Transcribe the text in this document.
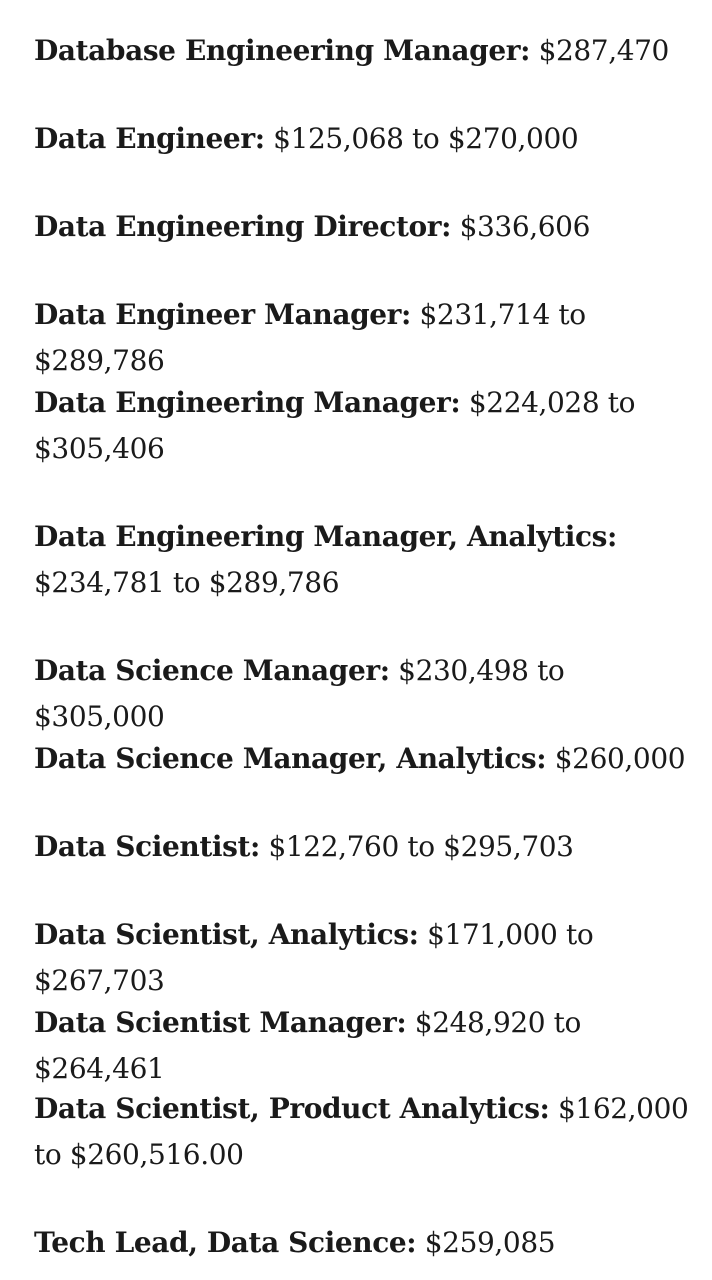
Database Engineering Manager: $287,470
Data Engineer: $125,068 to $270,000
Data Engineering Director: $336,606
Data Engineer Manager: $231,714 to $289,786
Data Engineering Manager: $224,028 to $305,406
Data Engineering Manager, Analytics:$234,781 to $289,786
Data Science Manager: $230,498 to $305,000
Data Science Manager, Analytics: $260,000
Data Scientist: $122,760 to $295,703
Data Scientist, Analytics: $171,000 to $267,703
Data Scientist Manager: $248,920 to $264,461
Data Scientist, Product Analytics: $162,000 to $260,516.00
Tech Lead, Data Science: $259,085
